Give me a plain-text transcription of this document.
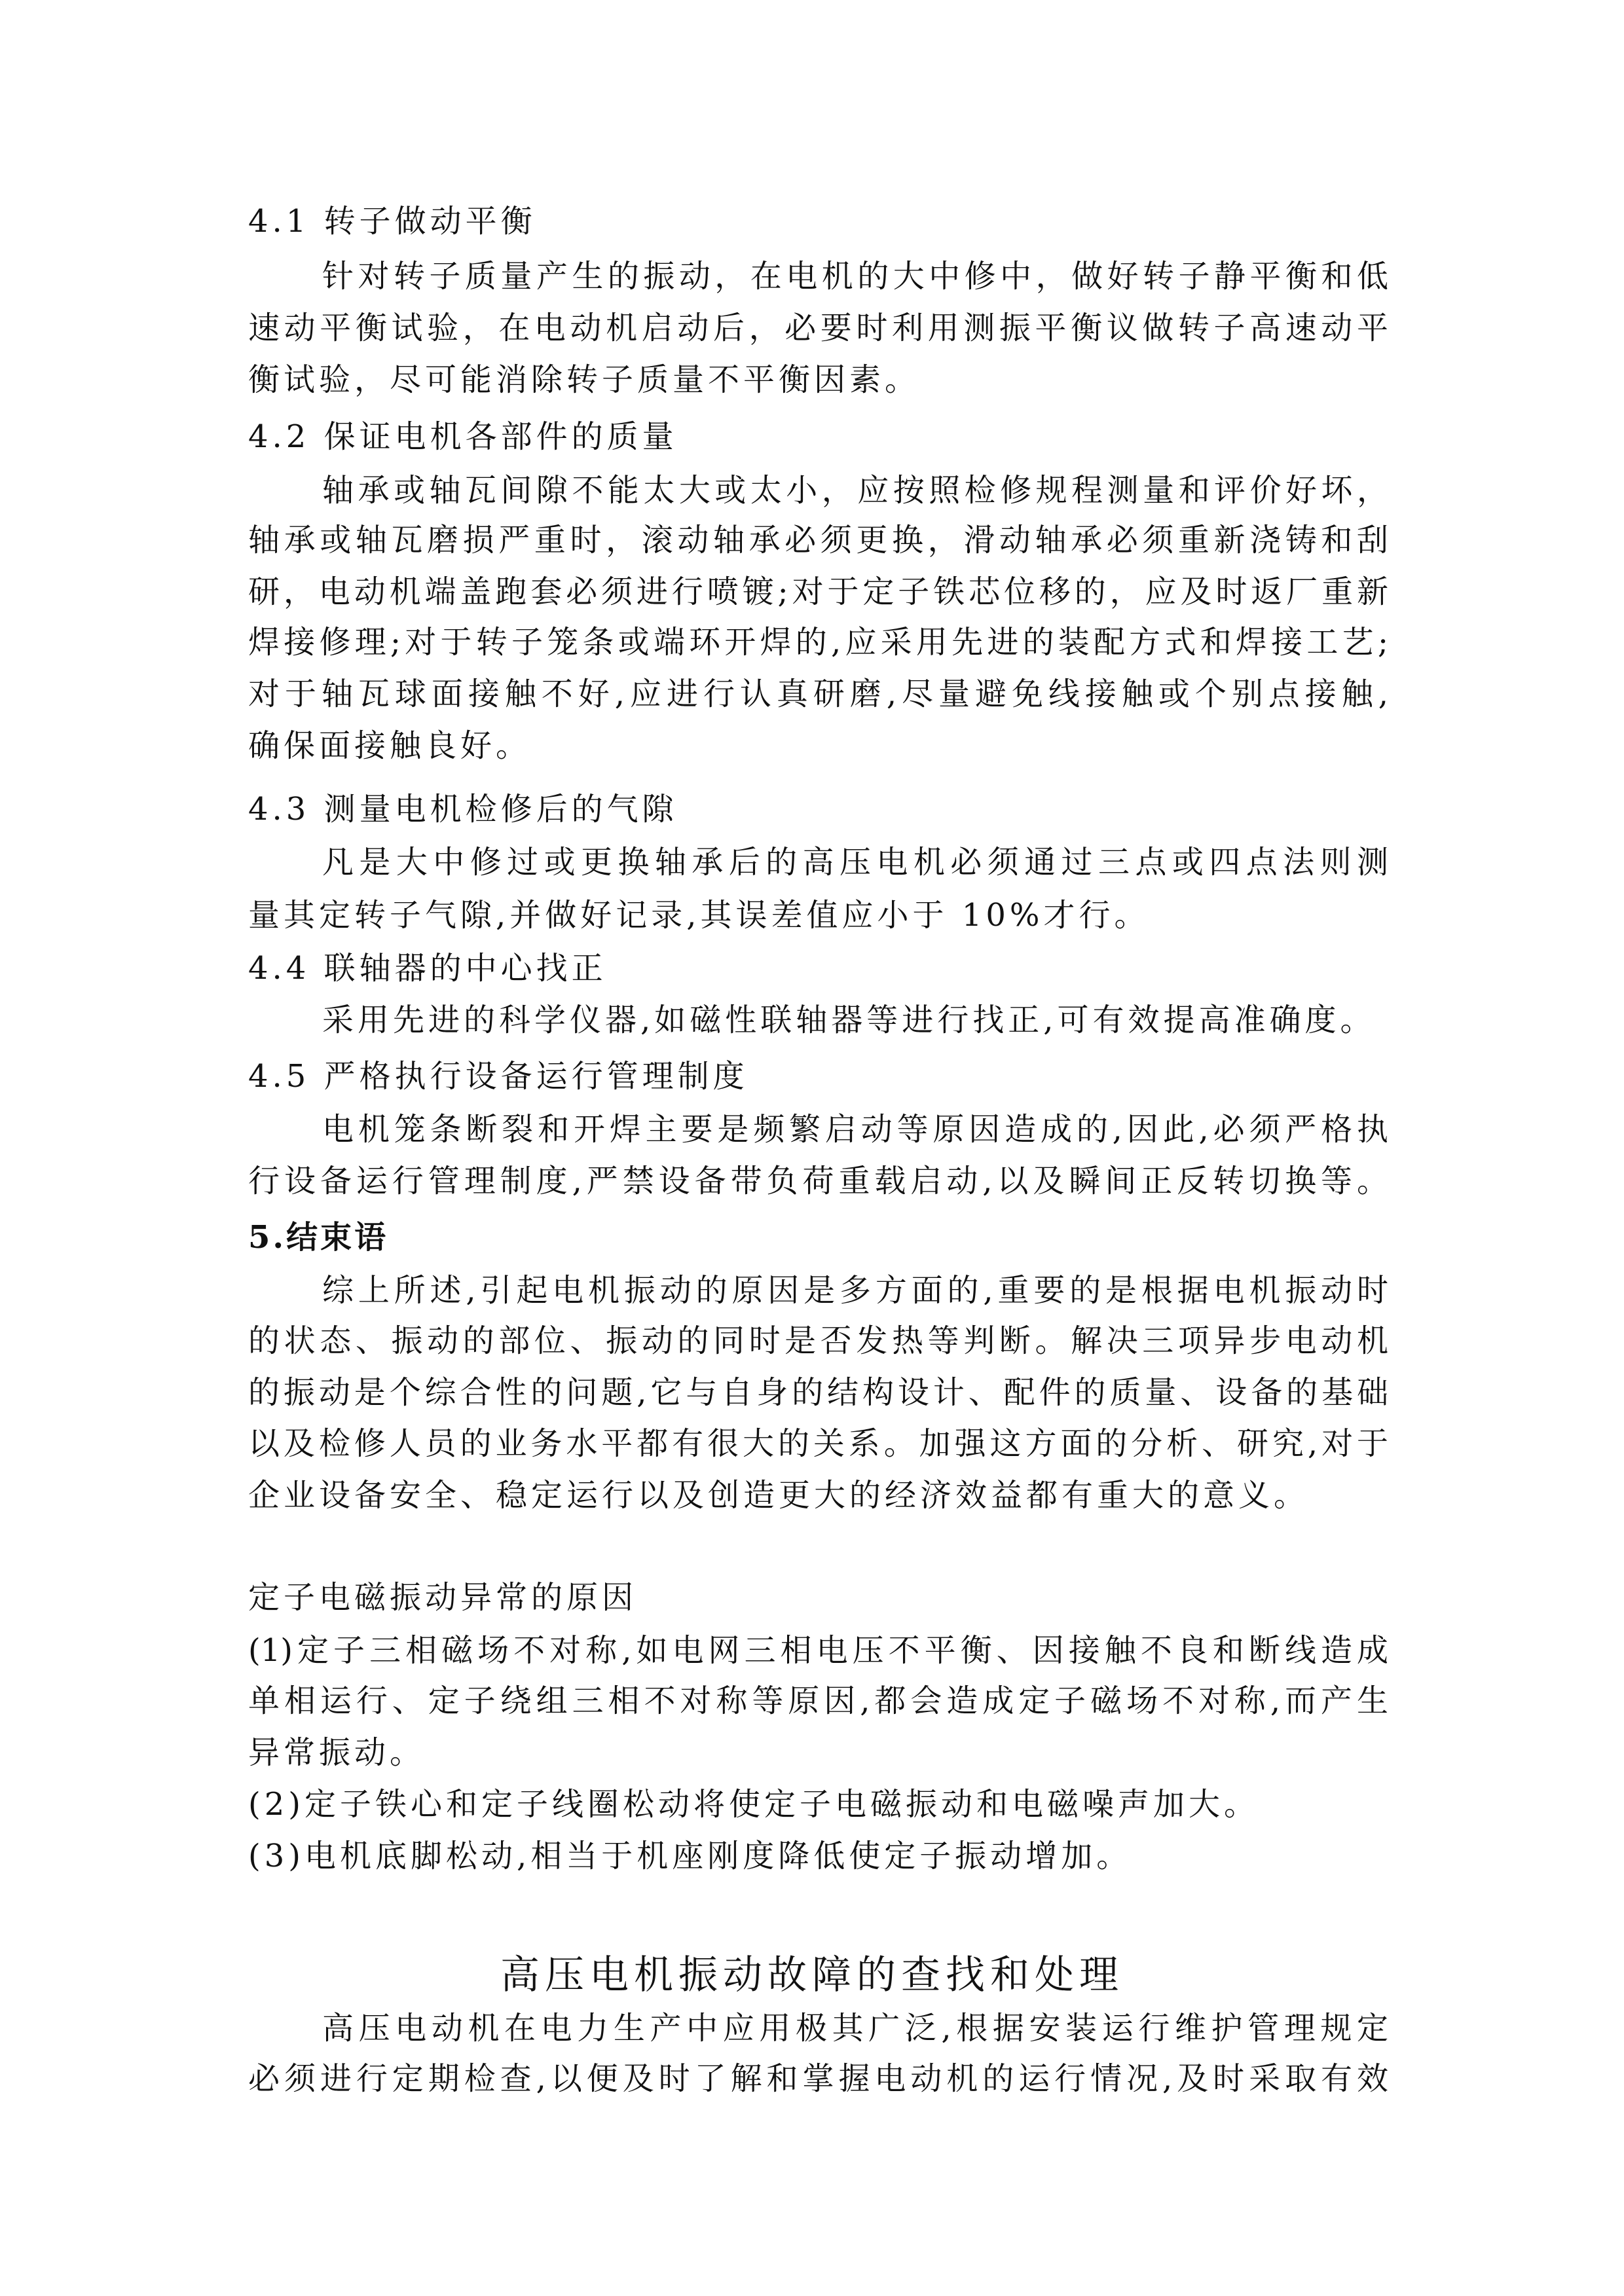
4.1 转子做动平衡
针对转子质量产生的振动，在电机的大中修中，做好转子静平衡和低
速动平衡试验，在电动机启动后，必要时利用测振平衡议做转子高速动平
衡试验，尽可能消除转子质量不平衡因素。
4.2 保证电机各部件的质量
轴承或轴瓦间隙不能太大或太小，应按照检修规程测量和评价好坏，
轴承或轴瓦磨损严重时，滚动轴承必须更换，滑动轴承必须重新浇铸和刮
研，电动机端盖跑套必须进行喷镀;对于定子铁芯位移的，应及时返厂重新
焊接修理;对于转子笼条或端环开焊的,应采用先进的装配方式和焊接工艺;
对于轴瓦球面接触不好,应进行认真研磨,尽量避免线接触或个别点接触,
确保面接触良好。
4.3 测量电机检修后的气隙
凡是大中修过或更换轴承后的高压电机必须通过三点或四点法则测
量其定转子气隙,并做好记录,其误差值应小于 10%才行。
4.4 联轴器的中心找正
采用先进的科学仪器,如磁性联轴器等进行找正,可有效提高准确度。
4.5 严格执行设备运行管理制度
电机笼条断裂和开焊主要是频繁启动等原因造成的,因此,必须严格执
行设备运行管理制度,严禁设备带负荷重载启动,以及瞬间正反转切换等。
5.结束语
综上所述,引起电机振动的原因是多方面的,重要的是根据电机振动时
的状态、振动的部位、振动的同时是否发热等判断。解决三项异步电动机
的振动是个综合性的问题,它与自身的结构设计、配件的质量、设备的基础
以及检修人员的业务水平都有很大的关系。加强这方面的分析、研究,对于
企业设备安全、稳定运行以及创造更大的经济效益都有重大的意义。
定子电磁振动异常的原因
(1)定子三相磁场不对称,如电网三相电压不平衡、因接触不良和断线造成
单相运行、定子绕组三相不对称等原因,都会造成定子磁场不对称,而产生
异常振动。
(2)定子铁心和定子线圈松动将使定子电磁振动和电磁噪声加大。
(3)电机底脚松动,相当于机座刚度降低使定子振动增加。
高压电机振动故障的查找和处理
高压电动机在电力生产中应用极其广泛,根据安装运行维护管理规定
必须进行定期检查,以便及时了解和掌握电动机的运行情况,及时采取有效
